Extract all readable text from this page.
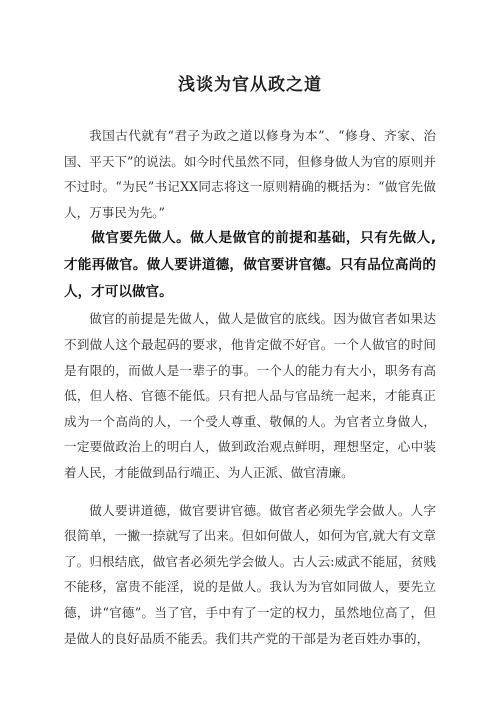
浅谈为官从政之道

我国古代就有“君子为政之道以修身为本”、“修身、齐家、治国、平天下”的说法。如今时代虽然不同，但修身做人为官的原则并不过时。“为民”书记XX同志将这一原则精确的概括为：“做官先做人，万事民为先。”

做官要先做人。做人是做官的前提和基础，只有先做人,才能再做官。做人要讲道德，做官要讲官德。只有品位高尚的人，才可以做官。

做官的前提是先做人，做人是做官的底线。因为做官者如果达不到做人这个最起码的要求，他肯定做不好官。一个人做官的时间是有限的，而做人是一辈子的事。一个人的能力有大小，职务有高低，但人格、官德不能低。只有把人品与官品统一起来，才能真正成为一个高尚的人，一个受人尊重、敬佩的人。为官者立身做人，一定要做政治上的明白人，做到政治观点鲜明，理想坚定，心中装着人民，才能做到品行端正、为人正派、做官清廉。

做人要讲道德，做官要讲官德。做官者必须先学会做人。人字很简单，一撇一捺就写了出来。但如何做人，如何为官,就大有文章了。归根结底，做官者必须先学会做人。古人云:威武不能屈，贫贱不能移，富贵不能淫，说的是做人。我认为为官如同做人，要先立德，讲“官德”。当了官，手中有了一定的权力，虽然地位高了，但是做人的良好品质不能丢。我们共产党的干部是为老百姓办事的，
